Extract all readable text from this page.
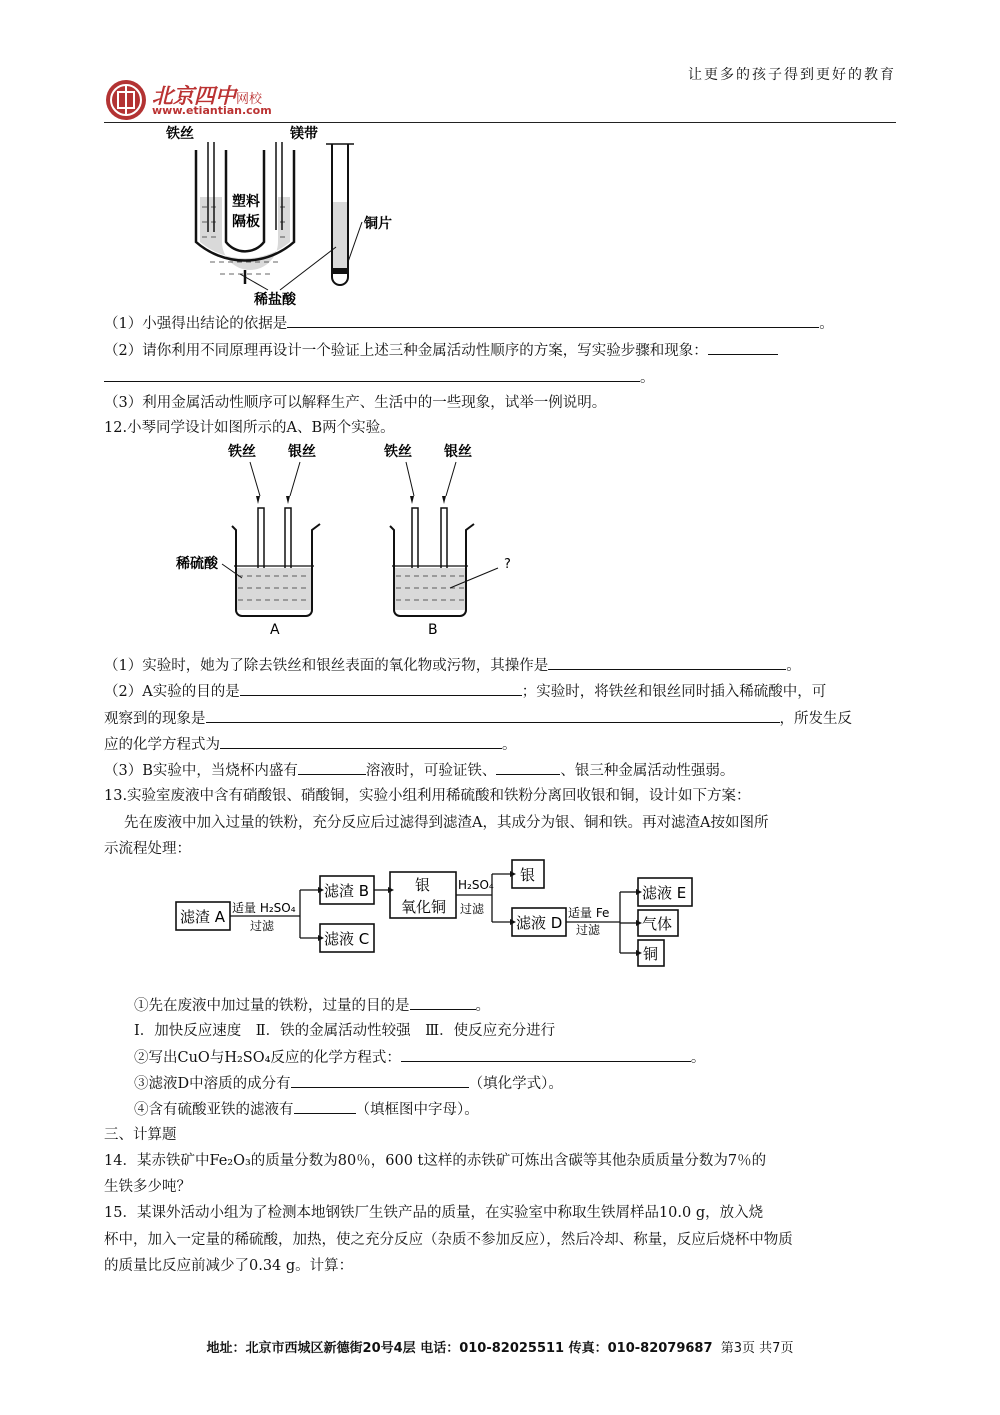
让更多的孩子得到更好的教育
北京四中网校
www.etiantian.com
铁丝	镁带
塑料
隔板	铜片
稀盐酸
（1）小强得出结论的依据是	。
（2）请你利用不同原理再设计一个验证上述三种金属活动性顺序的方案，写实验步骤和现象：
。
（3）利用金属活动性顺序可以解释生产、生活中的一些现象，试举一例说明。
12.小琴同学设计如图所示的A、B两个实验。
铁丝 银丝
稀硫酸
A
铁丝 银丝
?
B
（1）实验时，她为了除去铁丝和银丝表面的氧化物或污物，其操作是	。
（2）A实验的目的是	；实验时，将铁丝和银丝同时插入稀硫酸中，可
观察到的现象是	，所发生反
应的化学方程式为	。
（3）B实验中，当烧杯内盛有	溶液时，可验证铁、	、银三种金属活动性强弱。
13.实验室废液中含有硝酸银、硝酸铜，实验小组利用稀硫酸和铁粉分离回收银和铜，设计如下方案：
先在废液中加入过量的铁粉，充分反应后过滤得到滤渣A，其成分为银、铜和铁。再对滤渣A按如图所
示流程处理：
滤渣 A 适量 H₂SO₄
过滤
滤渣 B
滤液 C
银
氧化铜
H₂SO₄
过滤
银
滤液 D
适量 Fe
过滤
滤液 E
气体
铜
①先在废液中加过量的铁粉，过量的目的是	。
Ⅰ．加快反应速度　Ⅱ．铁的金属活动性较强　Ⅲ．使反应充分进行
②写出CuO与H₂SO₄反应的化学方程式：	。
③滤液D中溶质的成分有	（填化学式）。
④含有硫酸亚铁的滤液有	（填框图中字母）。
三、计算题
14．某赤铁矿中Fe₂O₃的质量分数为80％，600 t这样的赤铁矿可炼出含碳等其他杂质质量分数为7％的
生铁多少吨？
15．某课外活动小组为了检测本地钢铁厂生铁产品的质量，在实验室中称取生铁屑样品10.0 g，放入烧
杯中，加入一定量的稀硫酸，加热，使之充分反应（杂质不参加反应），然后冷却、称量，反应后烧杯中物质
的质量比反应前减少了0.34 g。计算：
地址：北京市西城区新德街20号4层 电话：010-82025511 传真：010-82079687 第3页 共7页
